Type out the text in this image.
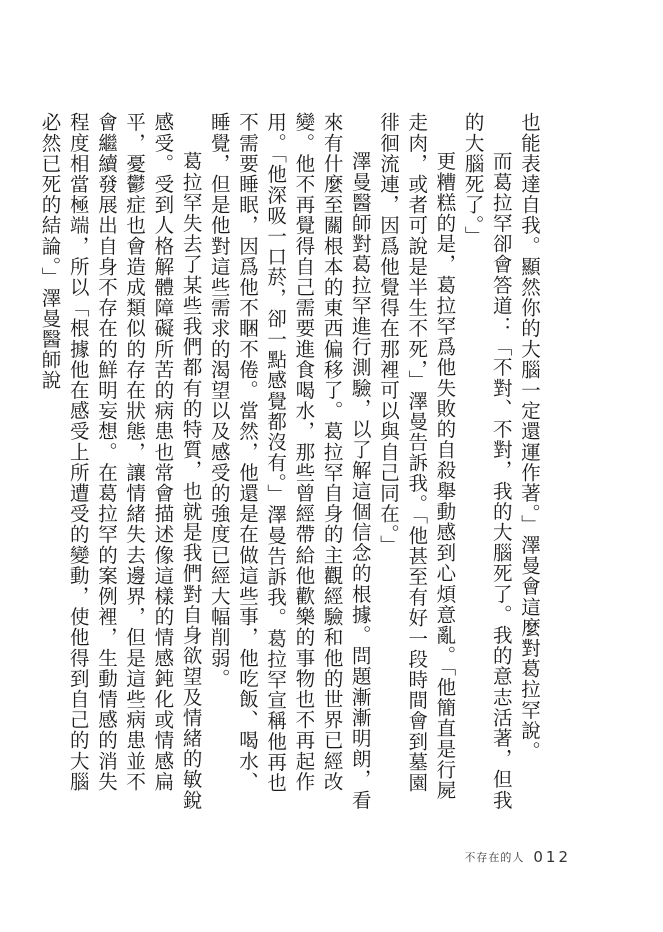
也能表達自我。顯然你的大腦一定還運作著。」澤曼會這麼對葛拉罕說。

而葛拉罕卻會答道：「不對、不對，我的大腦死了。我的意志活著，但我的大腦死了。」

更糟糕的是，葛拉罕爲他失敗的自殺舉動感到心煩意亂。「他簡直是行屍走肉，或者可說是半生不死，」澤曼告訴我。「他甚至有好一段時間會到墓園徘徊流連，因爲他覺得在那裡可以與自己同在。」

澤曼醫師對葛拉罕進行測驗，以了解這個信念的根據。問題漸漸明朗，看來有什麼至關根本的東西偏移了。葛拉罕自身的主觀經驗和他的世界已經改變。他不再覺得自己需要進食喝水，那些曾經帶給他歡樂的事物也不再起作用。「他深吸一口菸，卻一點感覺都沒有。」澤曼告訴我。葛拉罕宣稱他再也不需要睡眠，因爲他不睏不倦。當然，他還是在做這些事，他吃飯、喝水、睡覺，但是他對這些需求的渴望以及感受的強度已經大幅削弱。

葛拉罕失去了某些我們都有的特質，也就是我們對自身欲望及情緒的敏銳感受。受到人格解體障礙所苦的病患也常會描述像這樣的情感鈍化或情感扁平，憂鬱症也會造成類似的存在狀態，讓情緒失去邊界，但是這些病患並不會繼續發展出自身不存在的鮮明妄想。在葛拉罕的案例裡，生動情感的消失程度相當極端，所以「根據他在感受上所遭受的變動，使他得到自己的大腦必然已死的結論。」澤曼醫師說

不存在的人 012
